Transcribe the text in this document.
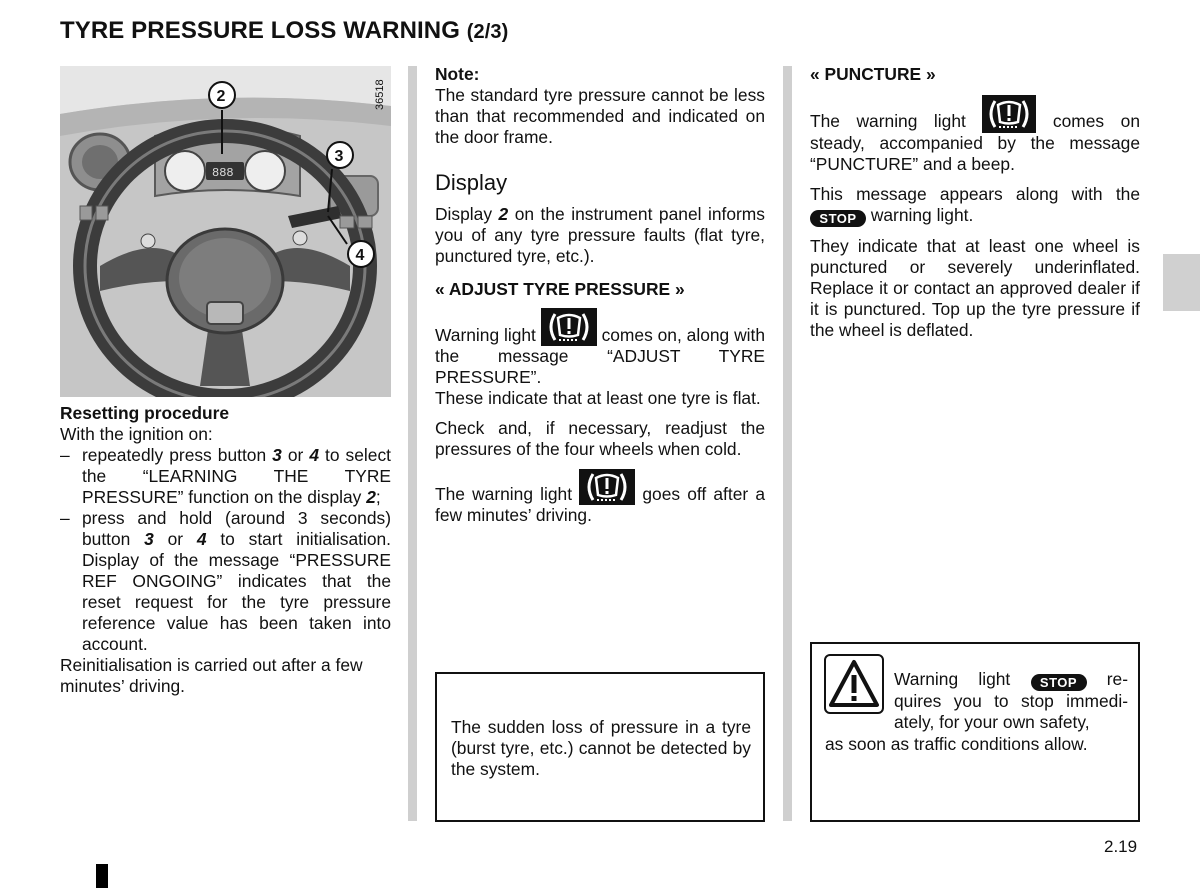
TYRE PRESSURE LOSS WARNING (2/3)
888
2
3
4
36518
Resetting procedure
With the ignition on:
– repeatedly press button 3 or 4 to select the “LEARNING THE TYRE PRESSURE” function on the display 2;
– press and hold (around 3 seconds) button 3 or 4 to start initialisation. Display of the message “PRESSURE REF ONGOING” indicates that the reset request for the tyre pressure reference value has been taken into account.
Reinitialisation is carried out after a few minutes’ driving.
Note:

The standard tyre pressure cannot be less than that recommended and indicated on the door frame.

Display

Display 2 on the instrument panel informs you of any tyre pressure faults (flat tyre, punctured tyre, etc.).

« ADJUST TYRE PRESSURE »
Warning light	comes on, along with the message “ADJUST TYRE PRESSURE”.

These indicate that at least one tyre is flat.

Check and, if necessary, readjust the pressures of the four wheels when cold.

The warning light	goes off after a few minutes’ driving.
The sudden loss of pressure in a tyre (burst tyre, etc.) cannot be detected by the system.
« PUNCTURE »
The warning light	comes on steady, accompanied by the message “PUNCTURE” and a beep.

This message appears along with the STOP warning light.

They indicate that at least one wheel is punctured or severely underinflated. Replace it or contact an approved dealer if it is punctured. Top up the tyre pressure if the wheel is deflated.

Warning light STOP re-quires you to stop immedi-ately, for your own safety,
as soon as traffic conditions allow.
2.19
